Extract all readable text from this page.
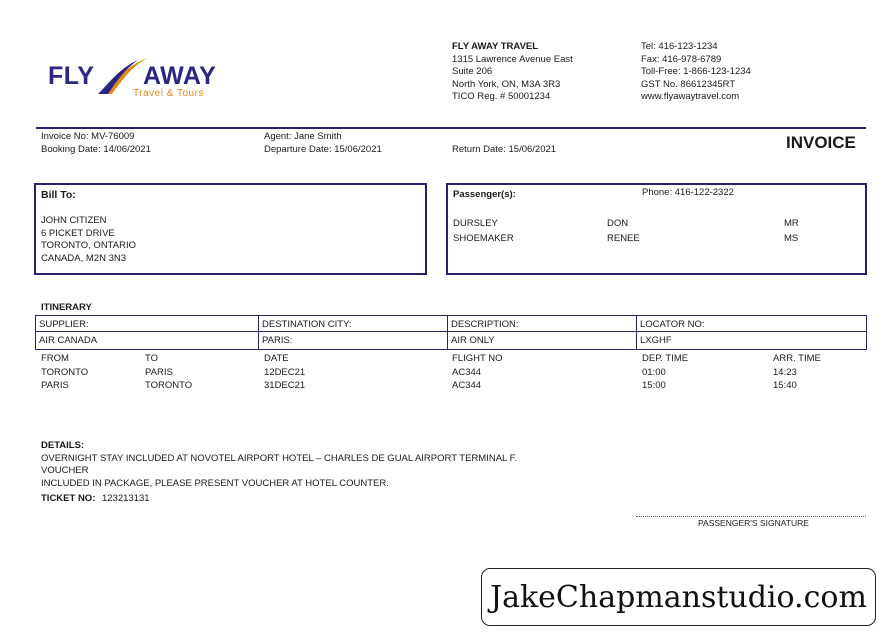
FLY AWAY
Travel & Tours
FLY AWAY TRAVEL
1315 Lawrence Avenue East
Suite 206
North York, ON, M3A 3R3
TICO Reg. # 50001234
Tel: 416-123-1234
Fax: 416-978-6789
Toll-Free: 1-866-123-1234
GST No. 86612345RT
www.flyawaytravel.com
Invoice No: MV-76009
Booking Date: 14/06/2021
Agent: Jane Smith
Departure Date: 15/06/2021	Return Date: 15/06/2021	INVOICE
Bill To:
JOHN CITIZEN
6 PICKET DRIVE
TORONTO, ONTARIO
CANADA, M2N 3N3
Passenger(s):	Phone: 416-122-2322
DURSLEY	DON	MR
SHOEMAKER	RENEE	MS
ITINERARY
SUPPLIER:	DESTINATION CITY:	DESCRIPTION:	LOCATOR NO:
AIR CANADA	PARIS:	AIR ONLY	LXGHF
FROM	TO	DATE	FLIGHT NO	DEP. TIME	ARR. TIME
TORONTO	PARIS	12DEC21	AC344	01:00	14:23
PARIS	TORONTO	31DEC21	AC344	15:00	15:40
DETAILS:
OVERNIGHT STAY INCLUDED AT NOVOTEL AIRPORT HOTEL – CHARLES DE GUAL AIRPORT TERMINAL F. VOUCHER
INCLUDED IN PACKAGE, PLEASE PRESENT VOUCHER AT HOTEL COUNTER.
TICKET NO: 123213131
PASSENGER'S SIGNATURE
JakeChapmanstudio.com
